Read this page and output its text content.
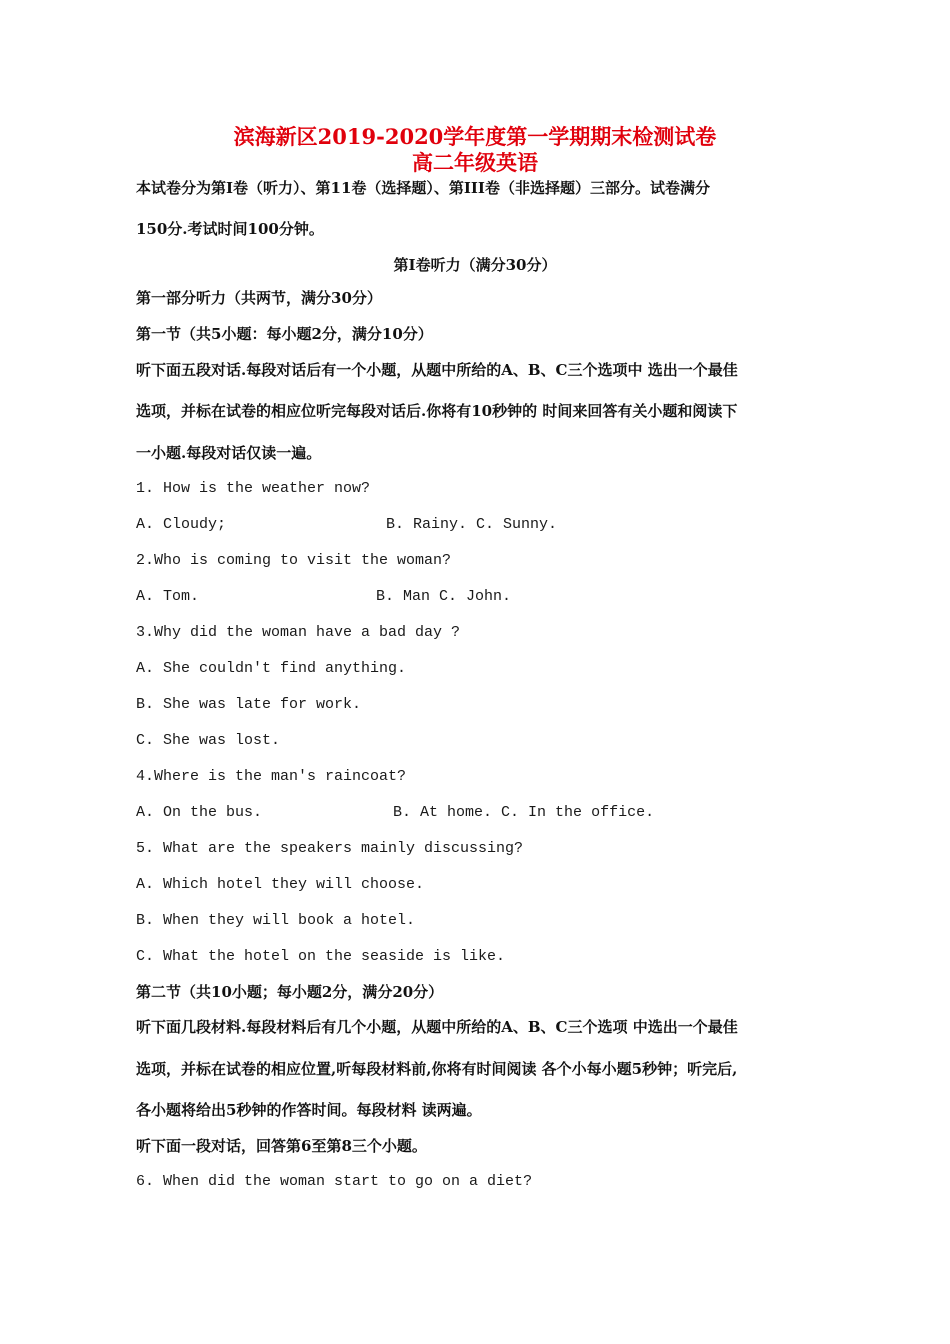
滨海新区2019-2020学年度第一学期期末检测试卷
高二年级英语
本试卷分为第I卷（听力）、第11卷（选择题）、第III卷（非选择题）三部分。试卷满分
150分.考试时间100分钟。
第I卷听力（满分30分）
第一部分听力（共两节，满分30分）
第一节（共5小题：每小题2分，满分10分）
听下面五段对话.每段对话后有一个小题，从题中所给的A、B、C三个选项中 选出一个最佳
选项，并标在试卷的相应位听完每段对话后.你将有10秒钟的 时间来回答有关小题和阅读下
一小题.每段对话仅读一遍。
1. How is the weather now?
A. Cloudy;	B. Rainy. C. Sunny.
2.Who is coming to visit the woman?
A. Tom.	B. Man C. John.
3.Why did the woman have a bad day ?
A. She couldn't find anything.
B. She was late for work.
C. She was lost.
4.Where is the man's raincoat?
A. On the bus.	B. At home. C. In the office.
5. What are the speakers mainly discussing?
A. Which hotel they will choose.
B. When they will book a hotel.
C. What the hotel on the seaside is like.
第二节（共10小题；每小题2分，满分20分）
听下面几段材料.每段材料后有几个小题，从题中所给的A、B、C三个选项 中选出一个最佳
选项，并标在试卷的相应位置,听每段材料前,你将有时间阅读 各个小每小题5秒钟；听完后,
各小题将给出5秒钟的作答时间。每段材料 读两遍。
听下面一段对话，回答第6至第8三个小题。
6. When did the woman start to go on a diet?
